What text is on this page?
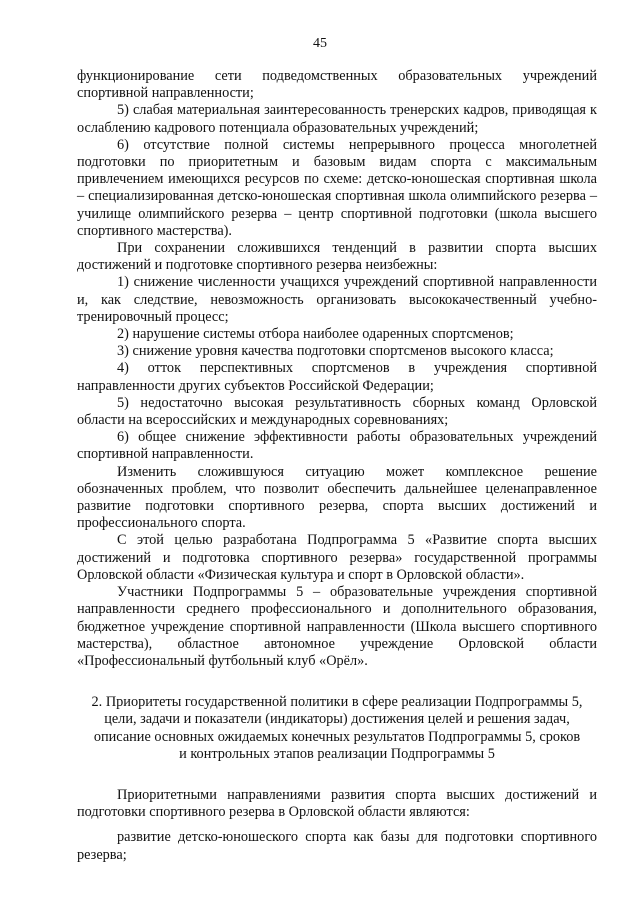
45

функционирование сети подведомственных образовательных учреждений спортивной направленности;

5) слабая материальная заинтересованность тренерских кадров, приводящая к ослаблению кадрового потенциала образовательных учреждений;

6) отсутствие полной системы непрерывного процесса многолетней подготовки по приоритетным и базовым видам спорта с максимальным привлечением имеющихся ресурсов по схеме: детско-юношеская спортивная школа – специализированная детско-юношеская спортивная школа олимпийского резерва – училище олимпийского резерва – центр спортивной подготовки (школа высшего спортивного мастерства).

При сохранении сложившихся тенденций в развитии спорта высших достижений и подготовке спортивного резерва неизбежны:

1) снижение численности учащихся учреждений спортивной направленности и, как следствие, невозможность организовать высококачественный учебно-тренировочный процесс;

2) нарушение системы отбора наиболее одаренных спортсменов;

3) снижение уровня качества подготовки спортсменов высокого класса;

4) отток перспективных спортсменов в учреждения спортивной направленности других субъектов Российской Федерации;

5) недостаточно высокая результативность сборных команд Орловской области на всероссийских и международных соревнованиях;

6) общее снижение эффективности работы образовательных учреждений спортивной направленности.

Изменить сложившуюся ситуацию может комплексное решение обозначенных проблем, что позволит обеспечить дальнейшее целенаправленное развитие подготовки спортивного резерва, спорта высших достижений и профессионального спорта.

С этой целью разработана Подпрограмма 5 «Развитие спорта высших достижений и подготовка спортивного резерва» государственной программы Орловской области «Физическая культура и спорт в Орловской области».

Участники Подпрограммы 5 – образовательные учреждения спортивной направленности среднего профессионального и дополнительного образования, бюджетное учреждение спортивной направленности (Школа высшего спортивного мастерства), областное автономное учреждение Орловской области «Профессиональный футбольный клуб «Орёл».

2. Приоритеты государственной политики в сфере реализации Подпрограммы 5,

цели, задачи и показатели (индикаторы) достижения целей и решения задач,

описание основных ожидаемых конечных результатов Подпрограммы 5, сроков

и контрольных этапов реализации Подпрограммы 5

Приоритетными направлениями развития спорта высших достижений и подготовки спортивного резерва в Орловской области являются:

развитие детско-юношеского спорта как базы для подготовки спортивного резерва;
